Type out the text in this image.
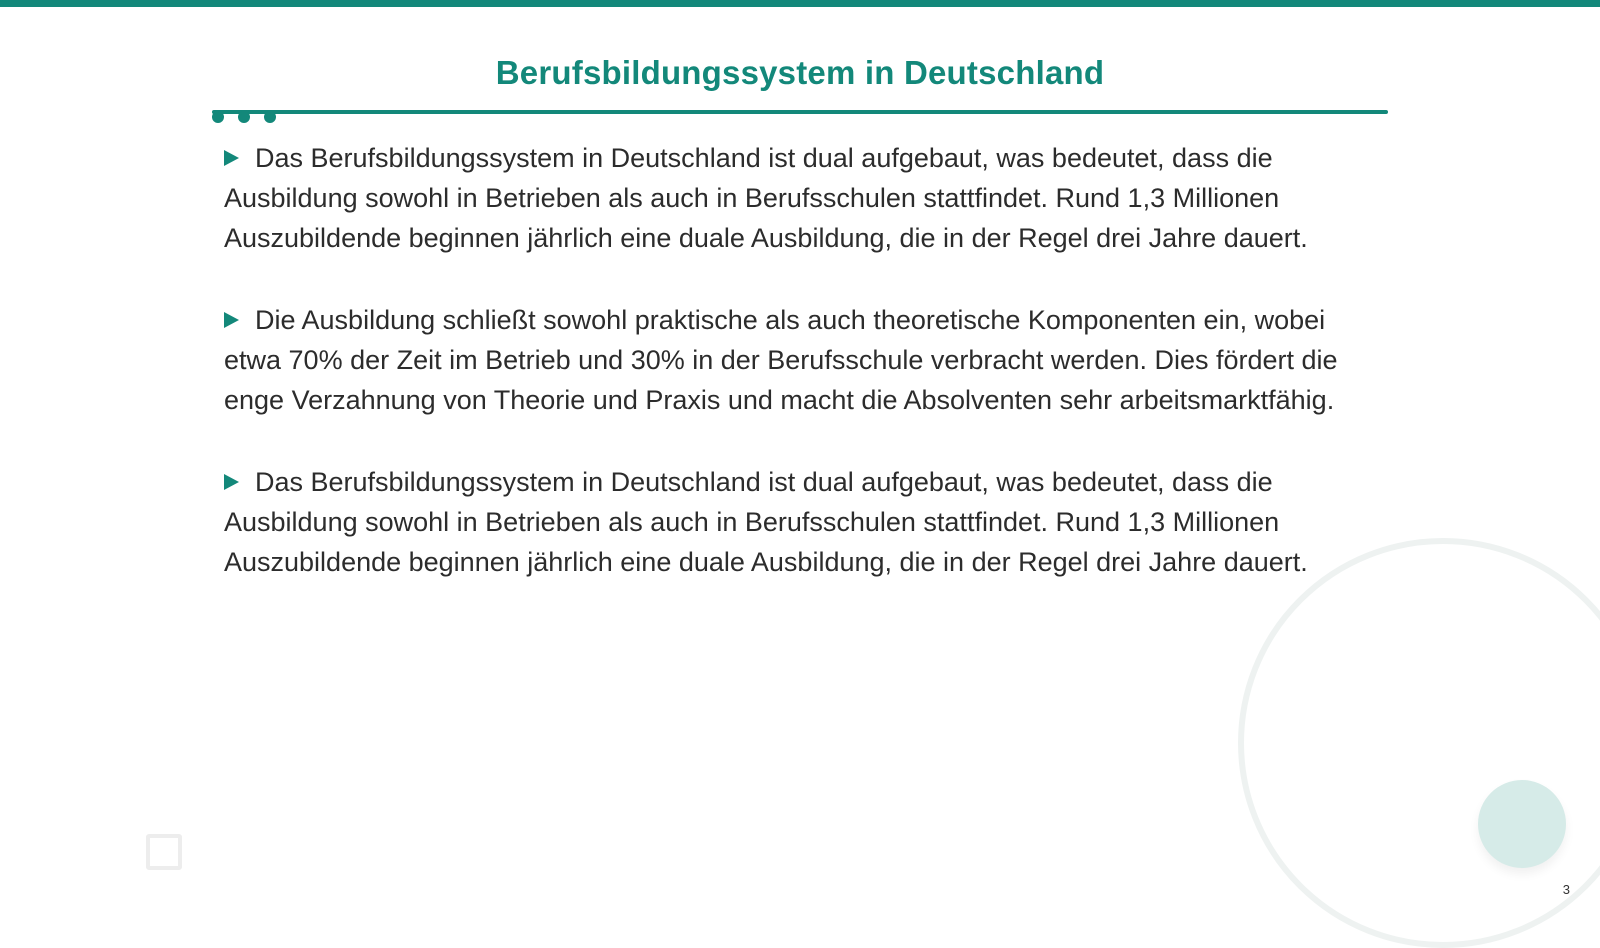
Berufsbildungssystem in Deutschland

Das Berufsbildungssystem in Deutschland ist dual aufgebaut, was bedeutet, dass die Ausbildung sowohl in Betrieben als auch in Berufsschulen stattfindet. Rund 1,3 Millionen Auszubildende beginnen jährlich eine duale Ausbildung, die in der Regel drei Jahre dauert.

Die Ausbildung schließt sowohl praktische als auch theoretische Komponenten ein, wobei etwa 70% der Zeit im Betrieb und 30% in der Berufsschule verbracht werden. Dies fördert die enge Verzahnung von Theorie und Praxis und macht die Absolventen sehr arbeitsmarktfähig.

Das Berufsbildungssystem in Deutschland ist dual aufgebaut, was bedeutet, dass die Ausbildung sowohl in Betrieben als auch in Berufsschulen stattfindet. Rund 1,3 Millionen Auszubildende beginnen jährlich eine duale Ausbildung, die in der Regel drei Jahre dauert.

3
